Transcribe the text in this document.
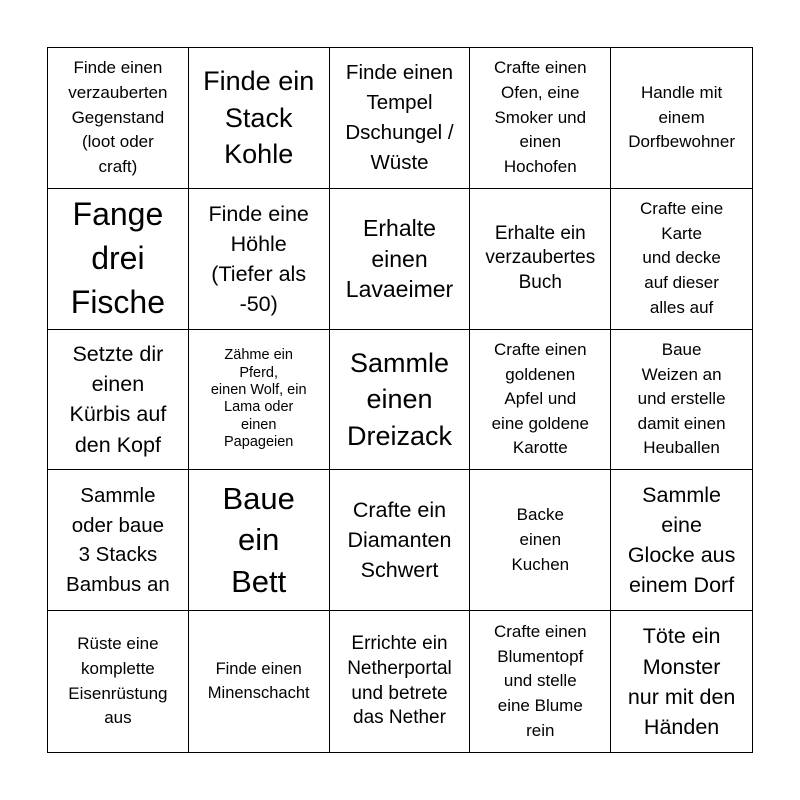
Finde einen
verzauberten
Gegenstand
(loot oder
craft)
Finde ein
Stack
Kohle
Finde einen
Tempel
Dschungel /
Wüste
Crafte einen
Ofen, eine
Smoker und
einen
Hochofen
Handle mit
einem
Dorfbewohner
Fange
drei
Fische
Finde eine
Höhle
(Tiefer als
-50)
Erhalte
einen
Lavaeimer
Erhalte ein
verzaubertes
Buch
Crafte eine
Karte
und decke
auf dieser
alles auf
Setzte dir
einen
Kürbis auf
den Kopf
Zähme ein
Pferd,
einen Wolf, ein
Lama oder
einen
Papageien
Sammle
einen
Dreizack
Crafte einen
goldenen
Apfel und
eine goldene
Karotte
Baue
Weizen an
und erstelle
damit einen
Heuballen
Sammle
oder baue
3 Stacks
Bambus an
Baue
ein
Bett
Crafte ein
Diamanten
Schwert
Backe
einen
Kuchen
Sammle
eine
Glocke aus
einem Dorf
Rüste eine
komplette
Eisenrüstung
aus
Finde einen
Minenschacht
Errichte ein
Netherportal
und betrete
das Nether
Crafte einen
Blumentopf
und stelle
eine Blume
rein
Töte ein
Monster
nur mit den
Händen
